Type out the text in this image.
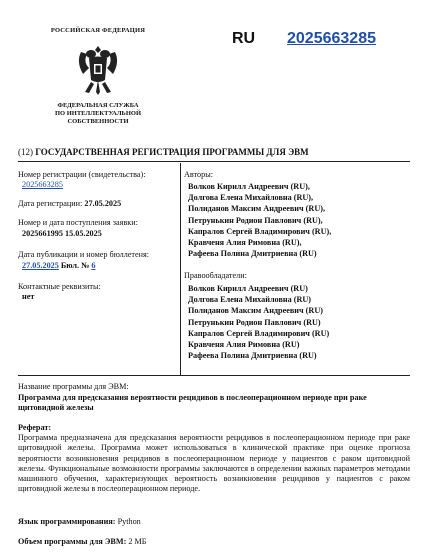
РОССИЙСКАЯ ФЕДЕРАЦИЯ
ФЕДЕРАЛЬНАЯ СЛУЖБА
ПО ИНТЕЛЛЕКТУАЛЬНОЙ СОБСТВЕННОСТИ
RU 2025663285
(12) ГОСУДАРСТВЕННАЯ РЕГИСТРАЦИЯ ПРОГРАММЫ ДЛЯ ЭВМ
Номер регистрации (свидетельства):
2025663285
Дата регистрации: 27.05.2025
Номер и дата поступления заявки:
2025661995 15.05.2025
Дата публикации и номер бюллетеня:
27.05.2025 Бюл. № 6
Контактные реквизиты:
нет
Авторы:
Волков Кирилл Андреевич (RU),
Долгова Елена Михайловна (RU),
Полиданов Максим Андреевич (RU),
Петрунькин Родион Павлович (RU),
Капралов Сергей Владимирович (RU),
Кравченя Алия Римовна (RU),
Рафеева Полина Дмитриевна (RU)
Правообладатели:
Волков Кирилл Андреевич (RU)
Долгова Елена Михайловна (RU)
Полиданов Максим Андреевич (RU)
Петрунькин Родион Павлович (RU)
Капралов Сергей Владимирович (RU)
Кравченя Алия Римовна (RU)
Рафеева Полина Дмитриевна (RU)
Название программы для ЭВМ:
Программа для предсказания вероятности рецидивов в послеоперационном периоде при раке щитовидной железы
Реферат:
Программа предназначена для предсказания вероятности рецидивов в послеоперационном периоде при раке щитовидной железы. Программа может использоваться в клинической практике при оценке прогноза вероятности возникновения рецидивов в послеоперационном периоде у пациентов с раком щитовидной железы. Функциональные возможности программы заключаются в определении важных параметров методами машинного обучения, характеризующих вероятность возникновения рецидивов у пациентов с раком щитовидной железы в послеоперационном периоде.
Язык программирования: Python
Объем программы для ЭВМ: 2 МБ
